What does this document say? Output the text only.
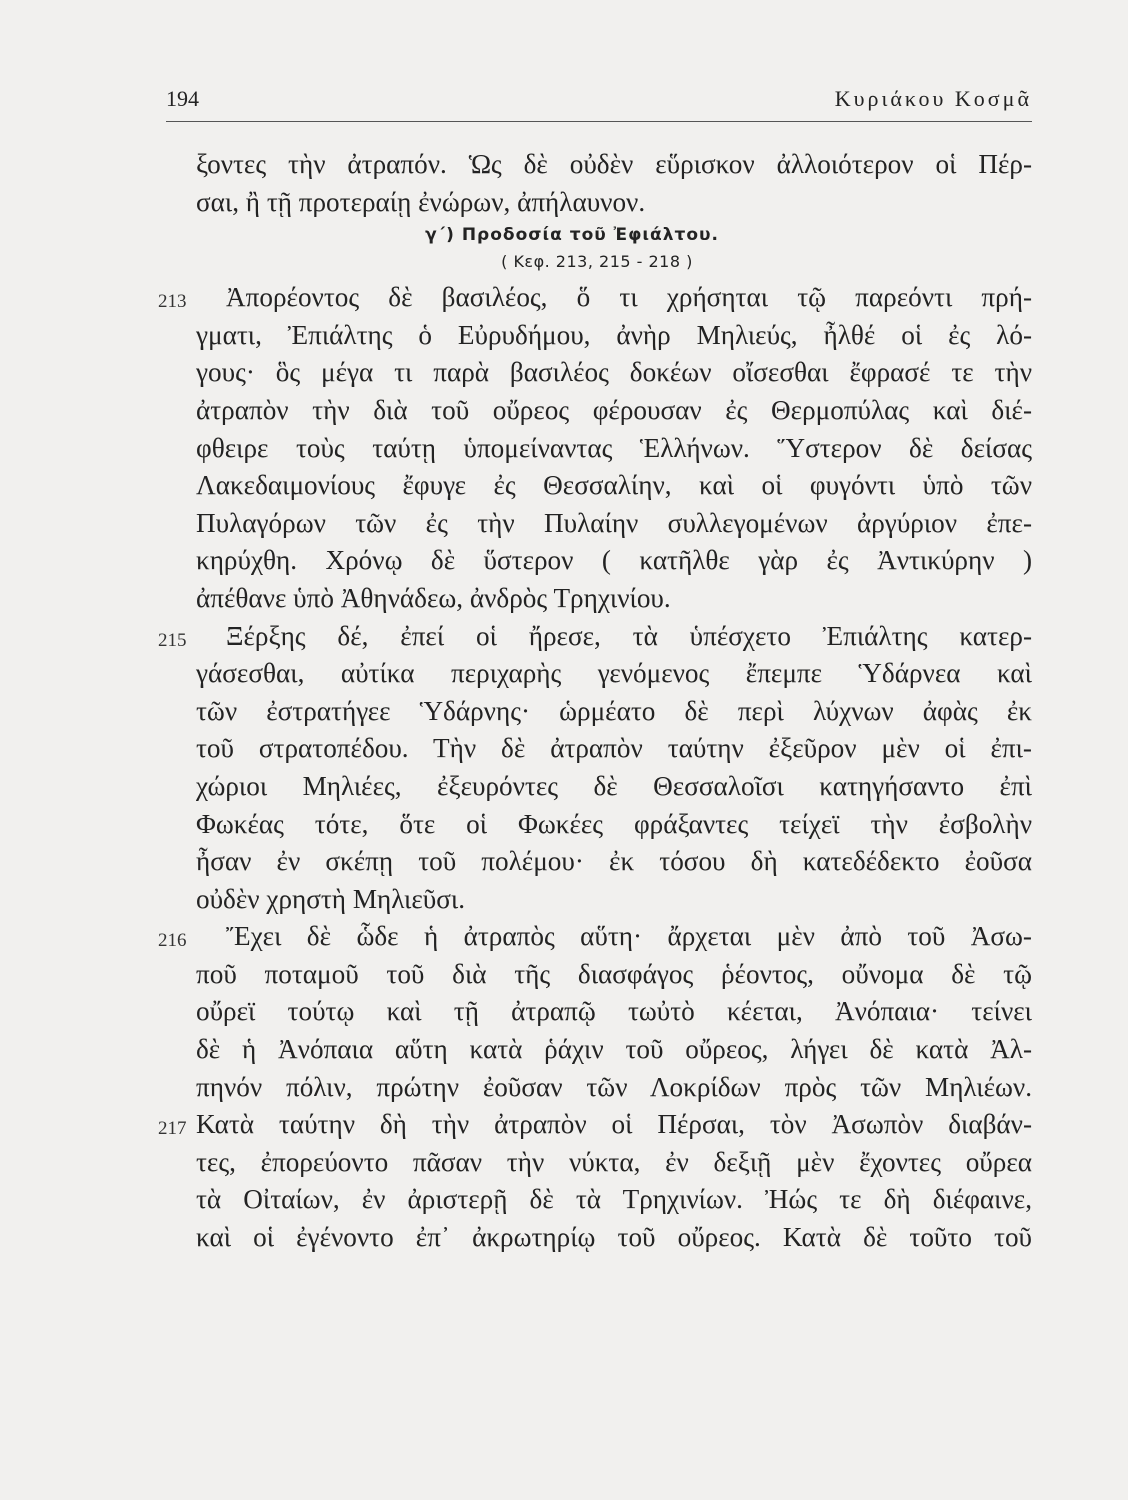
194	Κυριάκου Κοσμᾶ
ξοντες τὴν ἀτραπόν. Ὡς δὲ οὐδὲν εὕρισκον ἀλλοιότερον οἱ Πέρ-
σαι, ἢ τῇ προτεραίῃ ἐνώρων, ἀπήλαυνον.
γ΄) Προδοσία τοῦ Ἐφιάλτου.
( Κεφ. 213, 215 - 218 )
213	Ἀπορέοντος δὲ βασιλέος, ὅ τι χρήσηται τῷ παρεόντι πρή-
γματι, Ἐπιάλτης ὁ Εὐρυδήμου, ἀνὴρ Μηλιεύς, ἦλθέ οἱ ἐς λό-
γους· ὃς μέγα τι παρὰ βασιλέος δοκέων οἴσεσθαι ἔφρασέ τε τὴν
ἀτραπὸν τὴν διὰ τοῦ οὔρεος φέρουσαν ἐς Θερμοπύλας καὶ διέ-
φθειρε τοὺς ταύτῃ ὑπομείναντας Ἑλλήνων. Ὕστερον δὲ δείσας
Λακεδαιμονίους ἔφυγε ἐς Θεσσαλίην, καὶ οἱ φυγόντι ὑπὸ τῶν
Πυλαγόρων τῶν ἐς τὴν Πυλαίην συλλεγομένων ἀργύριον ἐπε-
κηρύχθη. Χρόνῳ δὲ ὕστερον ( κατῆλθε γὰρ ἐς Ἀντικύρην )
ἀπέθανε ὑπὸ Ἀθηνάδεω, ἀνδρὸς Τρηχινίου.
215	Ξέρξης δέ, ἐπεί οἱ ἤρεσε, τὰ ὑπέσχετο Ἐπιάλτης κατερ-
γάσεσθαι, αὐτίκα περιχαρὴς γενόμενος ἔπεμπε Ὑδάρνεα καὶ
τῶν ἐστρατήγεε Ὑδάρνης· ὡρμέατο δὲ περὶ λύχνων ἀφὰς ἐκ
τοῦ στρατοπέδου. Τὴν δὲ ἀτραπὸν ταύτην ἐξεῦρον μὲν οἱ ἐπι-
χώριοι Μηλιέες, ἐξευρόντες δὲ Θεσσαλοῖσι κατηγήσαντο ἐπὶ
Φωκέας τότε, ὅτε οἱ Φωκέες φράξαντες τείχεϊ τὴν ἐσβολὴν
ἦσαν ἐν σκέπῃ τοῦ πολέμου· ἐκ τόσου δὴ κατεδέδεκτο ἐοῦσα
οὐδὲν χρηστὴ Μηλιεῦσι.
216	Ἔχει δὲ ὧδε ἡ ἀτραπὸς αὕτη· ἄρχεται μὲν ἀπὸ τοῦ Ἀσω-
ποῦ ποταμοῦ τοῦ διὰ τῆς διασφάγος ῥέοντος, οὔνομα δὲ τῷ
οὔρεϊ τούτῳ καὶ τῇ ἀτραπῷ τωὐτὸ κέεται, Ἀνόπαια· τείνει
δὲ ἡ Ἀνόπαια αὕτη κατὰ ῥάχιν τοῦ οὔρεος, λήγει δὲ κατὰ Ἀλ-
πηνόν πόλιν, πρώτην ἐοῦσαν τῶν Λοκρίδων πρὸς τῶν Μηλιέων.
217 Κατὰ ταύτην δὴ τὴν ἀτραπὸν οἱ Πέρσαι, τὸν Ἀσωπὸν διαβάν-
τες, ἐπορεύοντο πᾶσαν τὴν νύκτα, ἐν δεξιῇ μὲν ἔχοντες οὔρεα
τὰ Οἰταίων, ἐν ἀριστερῇ δὲ τὰ Τρηχινίων. Ἠώς τε δὴ διέφαινε,
καὶ οἱ ἐγένοντο ἐπ᾽ ἀκρωτηρίῳ τοῦ οὔρεος. Κατὰ δὲ τοῦτο τοῦ
